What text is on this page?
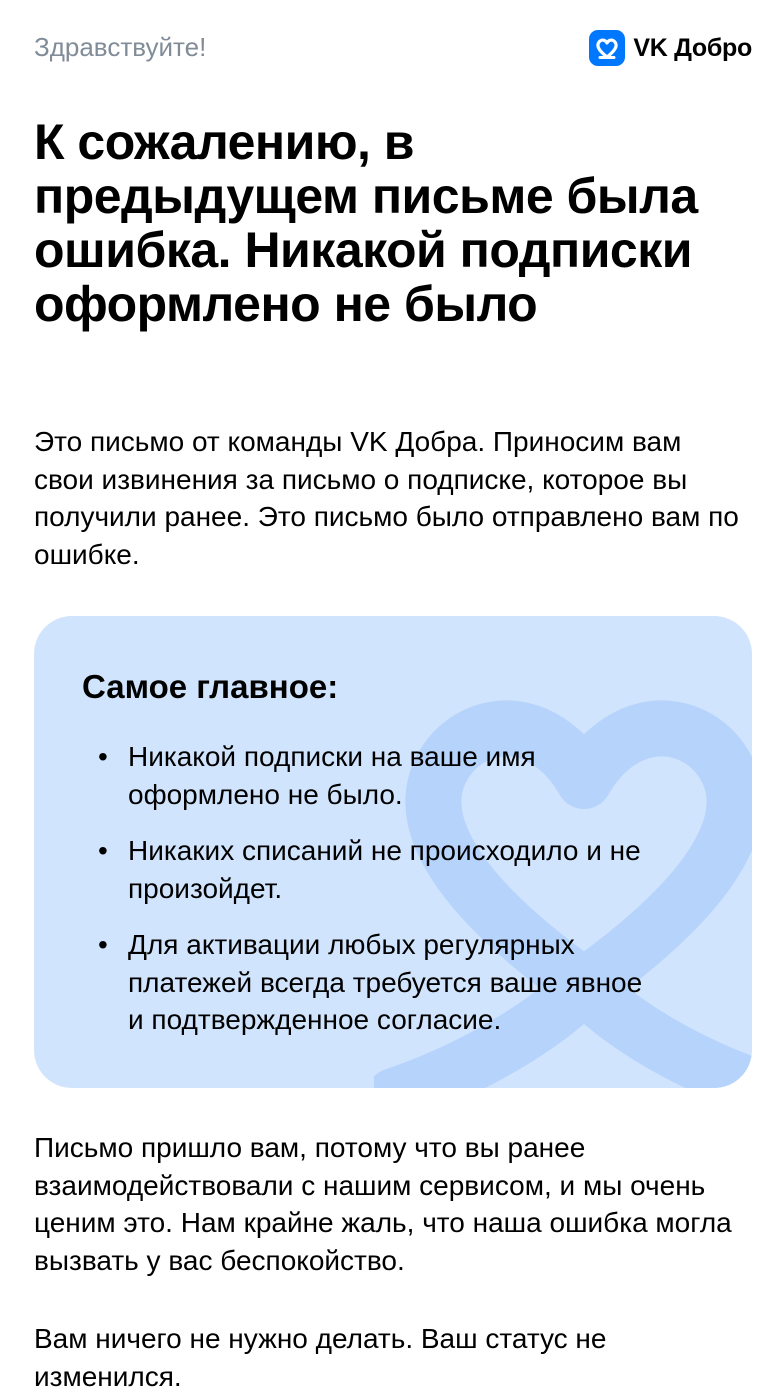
Здравствуйте!	VK Добро
К сожалению, в предыдущем письме была ошибка. Никакой подписки оформлено не было

Это письмо от команды VK Добра. Приносим вам свои извинения за письмо о подписке, которое вы получили ранее. Это письмо было отправлено вам по ошибке.

Самое главное:
• Никакой подписки на ваше имя оформлено не было.
• Никаких списаний не происходило и не произойдет.
• Для активации любых регулярных платежей всегда требуется ваше явное и подтвержденное согласие.

Письмо пришло вам, потому что вы ранее взаимодействовали с нашим сервисом, и мы очень ценим это. Нам крайне жаль, что наша ошибка могла вызвать у вас беспокойство.

Вам ничего не нужно делать. Ваш статус не изменился.
